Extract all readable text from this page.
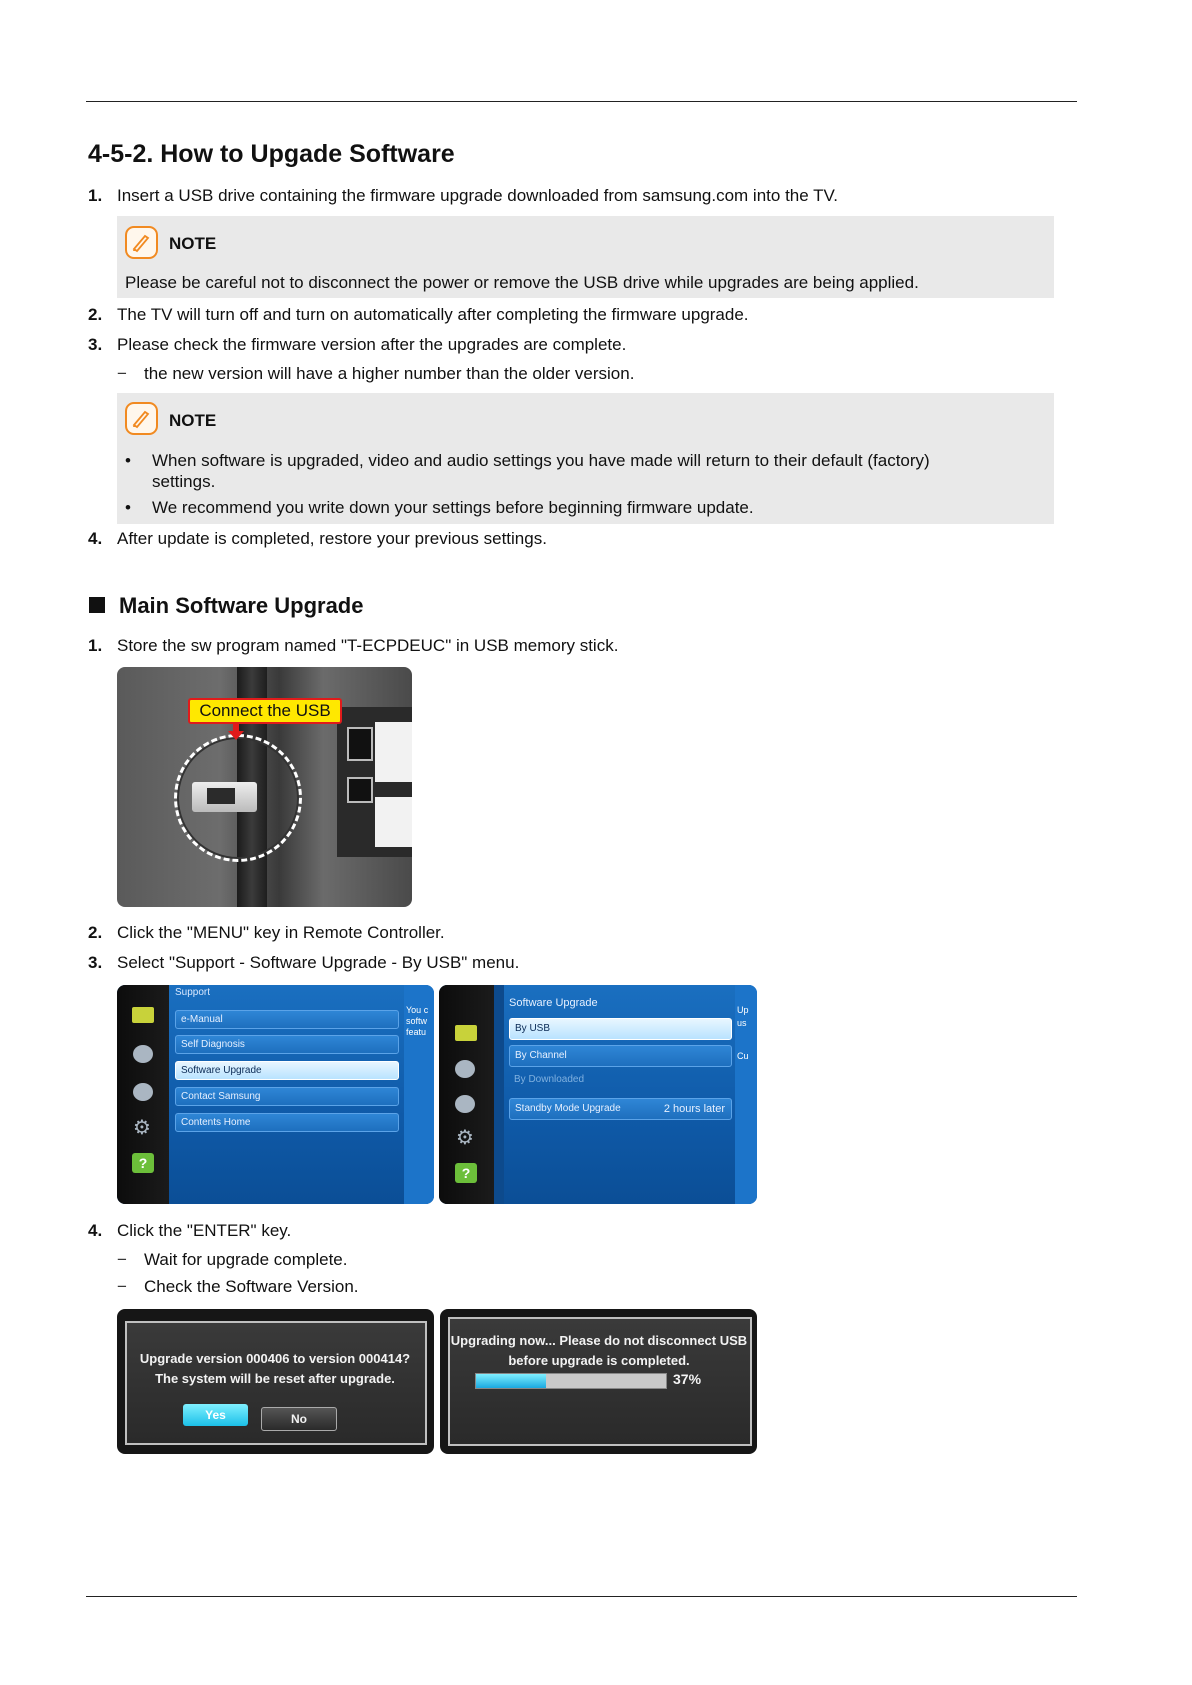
4-5-2. How to Upgade Software
1. Insert a USB drive containing the firmware upgrade downloaded from samsung.com into the TV.
NOTE
Please be careful not to disconnect the power or remove the USB drive while upgrades are being applied.
2. The TV will turn off and turn on automatically after completing the firmware upgrade.
3. Please check the firmware version after the upgrades are complete.
− the new version will have a higher number than the older version.
NOTE
• When software is upgraded, video and audio settings you have made will return to their default (factory) settings.
• We recommend you write down your settings before beginning firmware update.
4. After update is completed, restore your previous settings.
Main Software Upgrade
1. Store the sw program named "T-ECPDEUC" in USB memory stick.
Connect the USB
2. Click the "MENU" key in Remote Controller.
3. Select "Support - Software Upgrade - By USB" menu.
⚙
?
Support
e-Manual
Self Diagnosis
Software Upgrade
Contact Samsung
Contents Home
You c
softw
featu
⚙
?
Software Upgrade
By USB
By Channel
By Downloaded
Standby Mode Upgrade	2 hours later
Up
us
Cu
4. Click the "ENTER" key.
− Wait for upgrade complete.
− Check the Software Version.
Upgrade version 000406 to version 000414?
The system will be reset after upgrade.
Yes	No
Upgrading now... Please do not disconnect USB
before upgrade is completed.
37%
